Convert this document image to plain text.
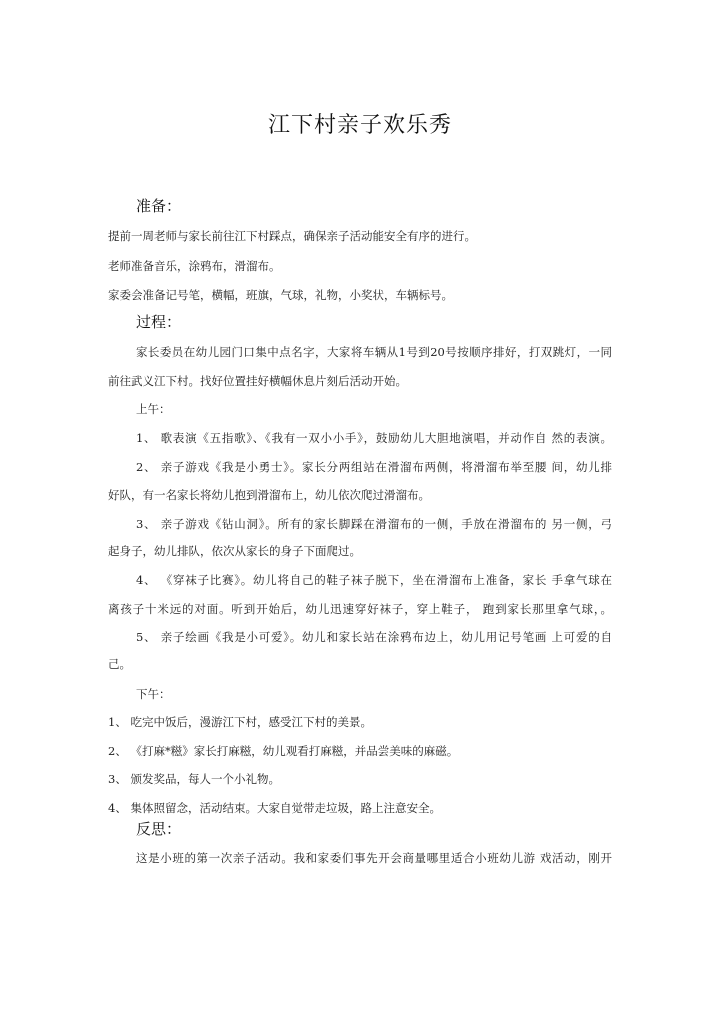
江下村亲子欢乐秀
准备：
提前一周老师与家长前往江下村踩点，确保亲子活动能安全有序的进行。
老师准备音乐，涂鸦布，滑溜布。
家委会准备记号笔，横幅，班旗，气球，礼物，小奖状，车辆标号。
过程：
家长委员在幼儿园门口集中点名字，大家将车辆从1号到20号按顺序排好，打双跳灯，一同
前往武义江下村。找好位置挂好横幅休息片刻后活动开始。
上午：
1、 歌表演《五指歌》、《我有一双小小手》，鼓励幼儿大胆地演唱，并动作自 然的表演。
2、 亲子游戏《我是小勇士》。家长分两组站在滑溜布两侧，将滑溜布举至腰 间，幼儿排
好队，有一名家长将幼儿抱到滑溜布上，幼儿依次爬过滑溜布。
3、 亲子游戏《钻山洞》。所有的家长脚踩在滑溜布的一侧，手放在滑溜布的 另一侧，弓
起身子，幼儿排队，依次从家长的身子下面爬过。
4、 《穿袜子比赛》。幼儿将自己的鞋子袜子脱下，坐在滑溜布上准备，家长 手拿气球在
离孩子十米远的对面。听到开始后，幼儿迅速穿好袜子，穿上鞋子， 跑到家长那里拿气球，。
5、 亲子绘画《我是小可爱》。幼儿和家长站在涂鸦布边上，幼儿用记号笔画 上可爱的自
己。
下午：
1、 吃完中饭后，漫游江下村，感受江下村的美景。
2、 《打麻*糍》家长打麻糍，幼儿观看打麻糍，并品尝美味的麻磁。
3、 颁发奖品，每人一个小礼物。
4、 集体照留念，活动结束。大家自觉带走垃圾，路上注意安全。
反思：
这是小班的第一次亲子活动。我和家委们事先开会商量哪里适合小班幼儿游 戏活动，刚开
